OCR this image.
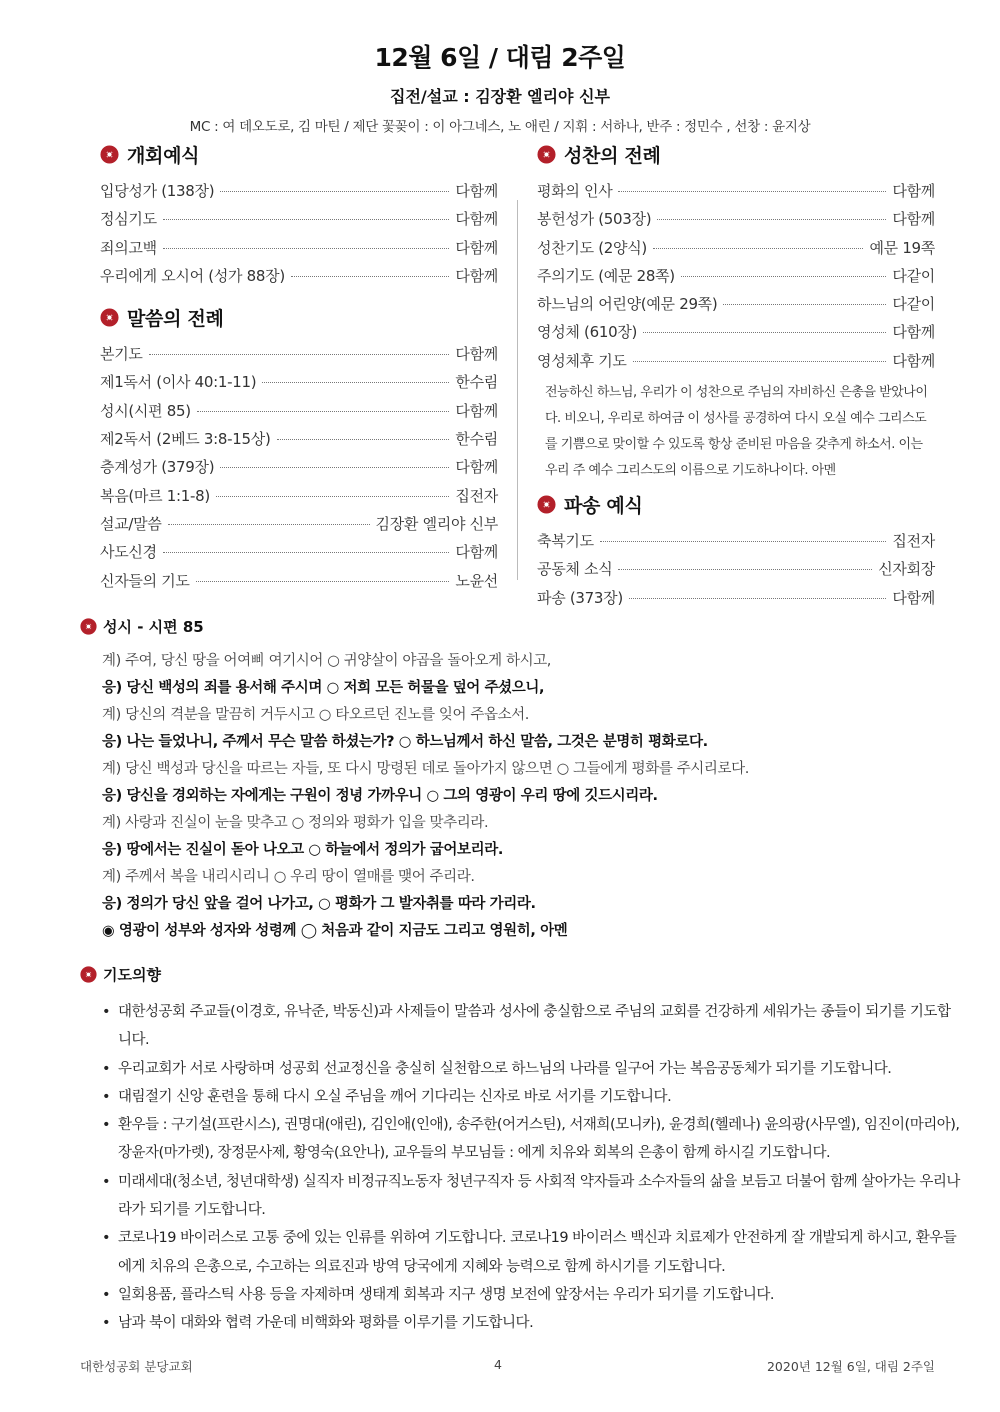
12월 6일 / 대림 2주일
집전/설교 : 김장환 엘리야 신부
MC : 여 데오도로, 김 마틴 / 제단 꽃꽂이 : 이 아그네스, 노 애린 / 지휘 : 서하나, 반주 : 정민수 , 선창 : 윤지상
개회예식
입당성가 (138장)	다함께
정심기도	다함께
죄의고백	다함께
우리에게 오시어 (성가 88장)	다함께
말씀의 전례
본기도	다함께
제1독서 (이사 40:1-11)	한수림
성시(시편 85)	다함께
제2독서 (2베드 3:8-15상)	한수림
층계성가 (379장)	다함께
복음(마르 1:1-8)	집전자
설교/말씀	김장환 엘리야 신부
사도신경	다함께
신자들의 기도	노윤선
성찬의 전례
평화의 인사	다함께
봉헌성가 (503장)	다함께
성찬기도 (2양식)	예문 19쪽
주의기도 (예문 28쪽)	다같이
하느님의 어린양(예문 29쪽)	다같이
영성체 (610장)	다함께
영성체후 기도	다함께
전능하신 하느님, 우리가 이 성찬으로 주님의 자비하신 은총을 받았나이다. 비오니, 우리로 하여금 이 성사를 공경하여 다시 오실 예수 그리스도를 기쁨으로 맞이할 수 있도록 항상 준비된 마음을 갖추게 하소서. 이는 우리 주 예수 그리스도의 이름으로 기도하나이다. 아멘
파송 예식
축복기도	집전자
공동체 소식	신자회장
파송 (373장)	다함께
성시 - 시편 85
계) 주여, 당신 땅을 어여삐 여기시어 ○ 귀양살이 야곱을 돌아오게 하시고,
응) 당신 백성의 죄를 용서해 주시며 ○ 저희 모든 허물을 덮어 주셨으니,
계) 당신의 격분을 말끔히 거두시고 ○ 타오르던 진노를 잊어 주옵소서.
응) 나는 들었나니, 주께서 무슨 말씀 하셨는가? ○ 하느님께서 하신 말씀, 그것은 분명히 평화로다.
계) 당신 백성과 당신을 따르는 자들, 또 다시 망령된 데로 돌아가지 않으면 ○ 그들에게 평화를 주시리로다.
응) 당신을 경외하는 자에게는 구원이 정녕 가까우니 ○ 그의 영광이 우리 땅에 깃드시리라.
계) 사랑과 진실이 눈을 맞추고 ○ 정의와 평화가 입을 맞추리라.
응) 땅에서는 진실이 돋아 나오고 ○ 하늘에서 정의가 굽어보리라.
계) 주께서 복을 내리시리니 ○ 우리 땅이 열매를 맺어 주리라.
응) 정의가 당신 앞을 걸어 나가고, ○ 평화가 그 발자취를 따라 가리라.
◉ 영광이 성부와 성자와 성령께 ◯ 처음과 같이 지금도 그리고 영원히, 아멘
기도의향
• 대한성공회 주교들(이경호, 유낙준, 박동신)과 사제들이 말씀과 성사에 충실함으로 주님의 교회를 건강하게 세워가는 종들이 되기를 기도합니다.
• 우리교회가 서로 사랑하며 성공회 선교정신을 충실히 실천함으로 하느님의 나라를 일구어 가는 복음공동체가 되기를 기도합니다.
• 대림절기 신앙 훈련을 통해 다시 오실 주님을 깨어 기다리는 신자로 바로 서기를 기도합니다.
• 환우들 : 구기설(프란시스), 권명대(애린), 김인애(인애), 송주한(어거스틴), 서재희(모니카), 윤경희(헬레나) 윤의광(사무엘), 임진이(마리아), 장윤자(마가렛), 장정문사제, 황영숙(요안나), 교우들의 부모님들 : 에게 치유와 회복의 은총이 함께 하시길 기도합니다.
• 미래세대(청소년, 청년대학생) 실직자 비정규직노동자 청년구직자 등 사회적 약자들과 소수자들의 삶을 보듬고 더불어 함께 살아가는 우리나라가 되기를 기도합니다.
• 코로나19 바이러스로 고통 중에 있는 인류를 위하여 기도합니다. 코로나19 바이러스 백신과 치료제가 안전하게 잘 개발되게 하시고, 환우들에게 치유의 은총으로, 수고하는 의료진과 방역 당국에게 지혜와 능력으로 함께 하시기를 기도합니다.
• 일회용품, 플라스틱 사용 등을 자제하며 생태계 회복과 지구 생명 보전에 앞장서는 우리가 되기를 기도합니다.
• 남과 북이 대화와 협력 가운데 비핵화와 평화를 이루기를 기도합니다.
대한성공회 분당교회	4	2020년 12월 6일, 대림 2주일
